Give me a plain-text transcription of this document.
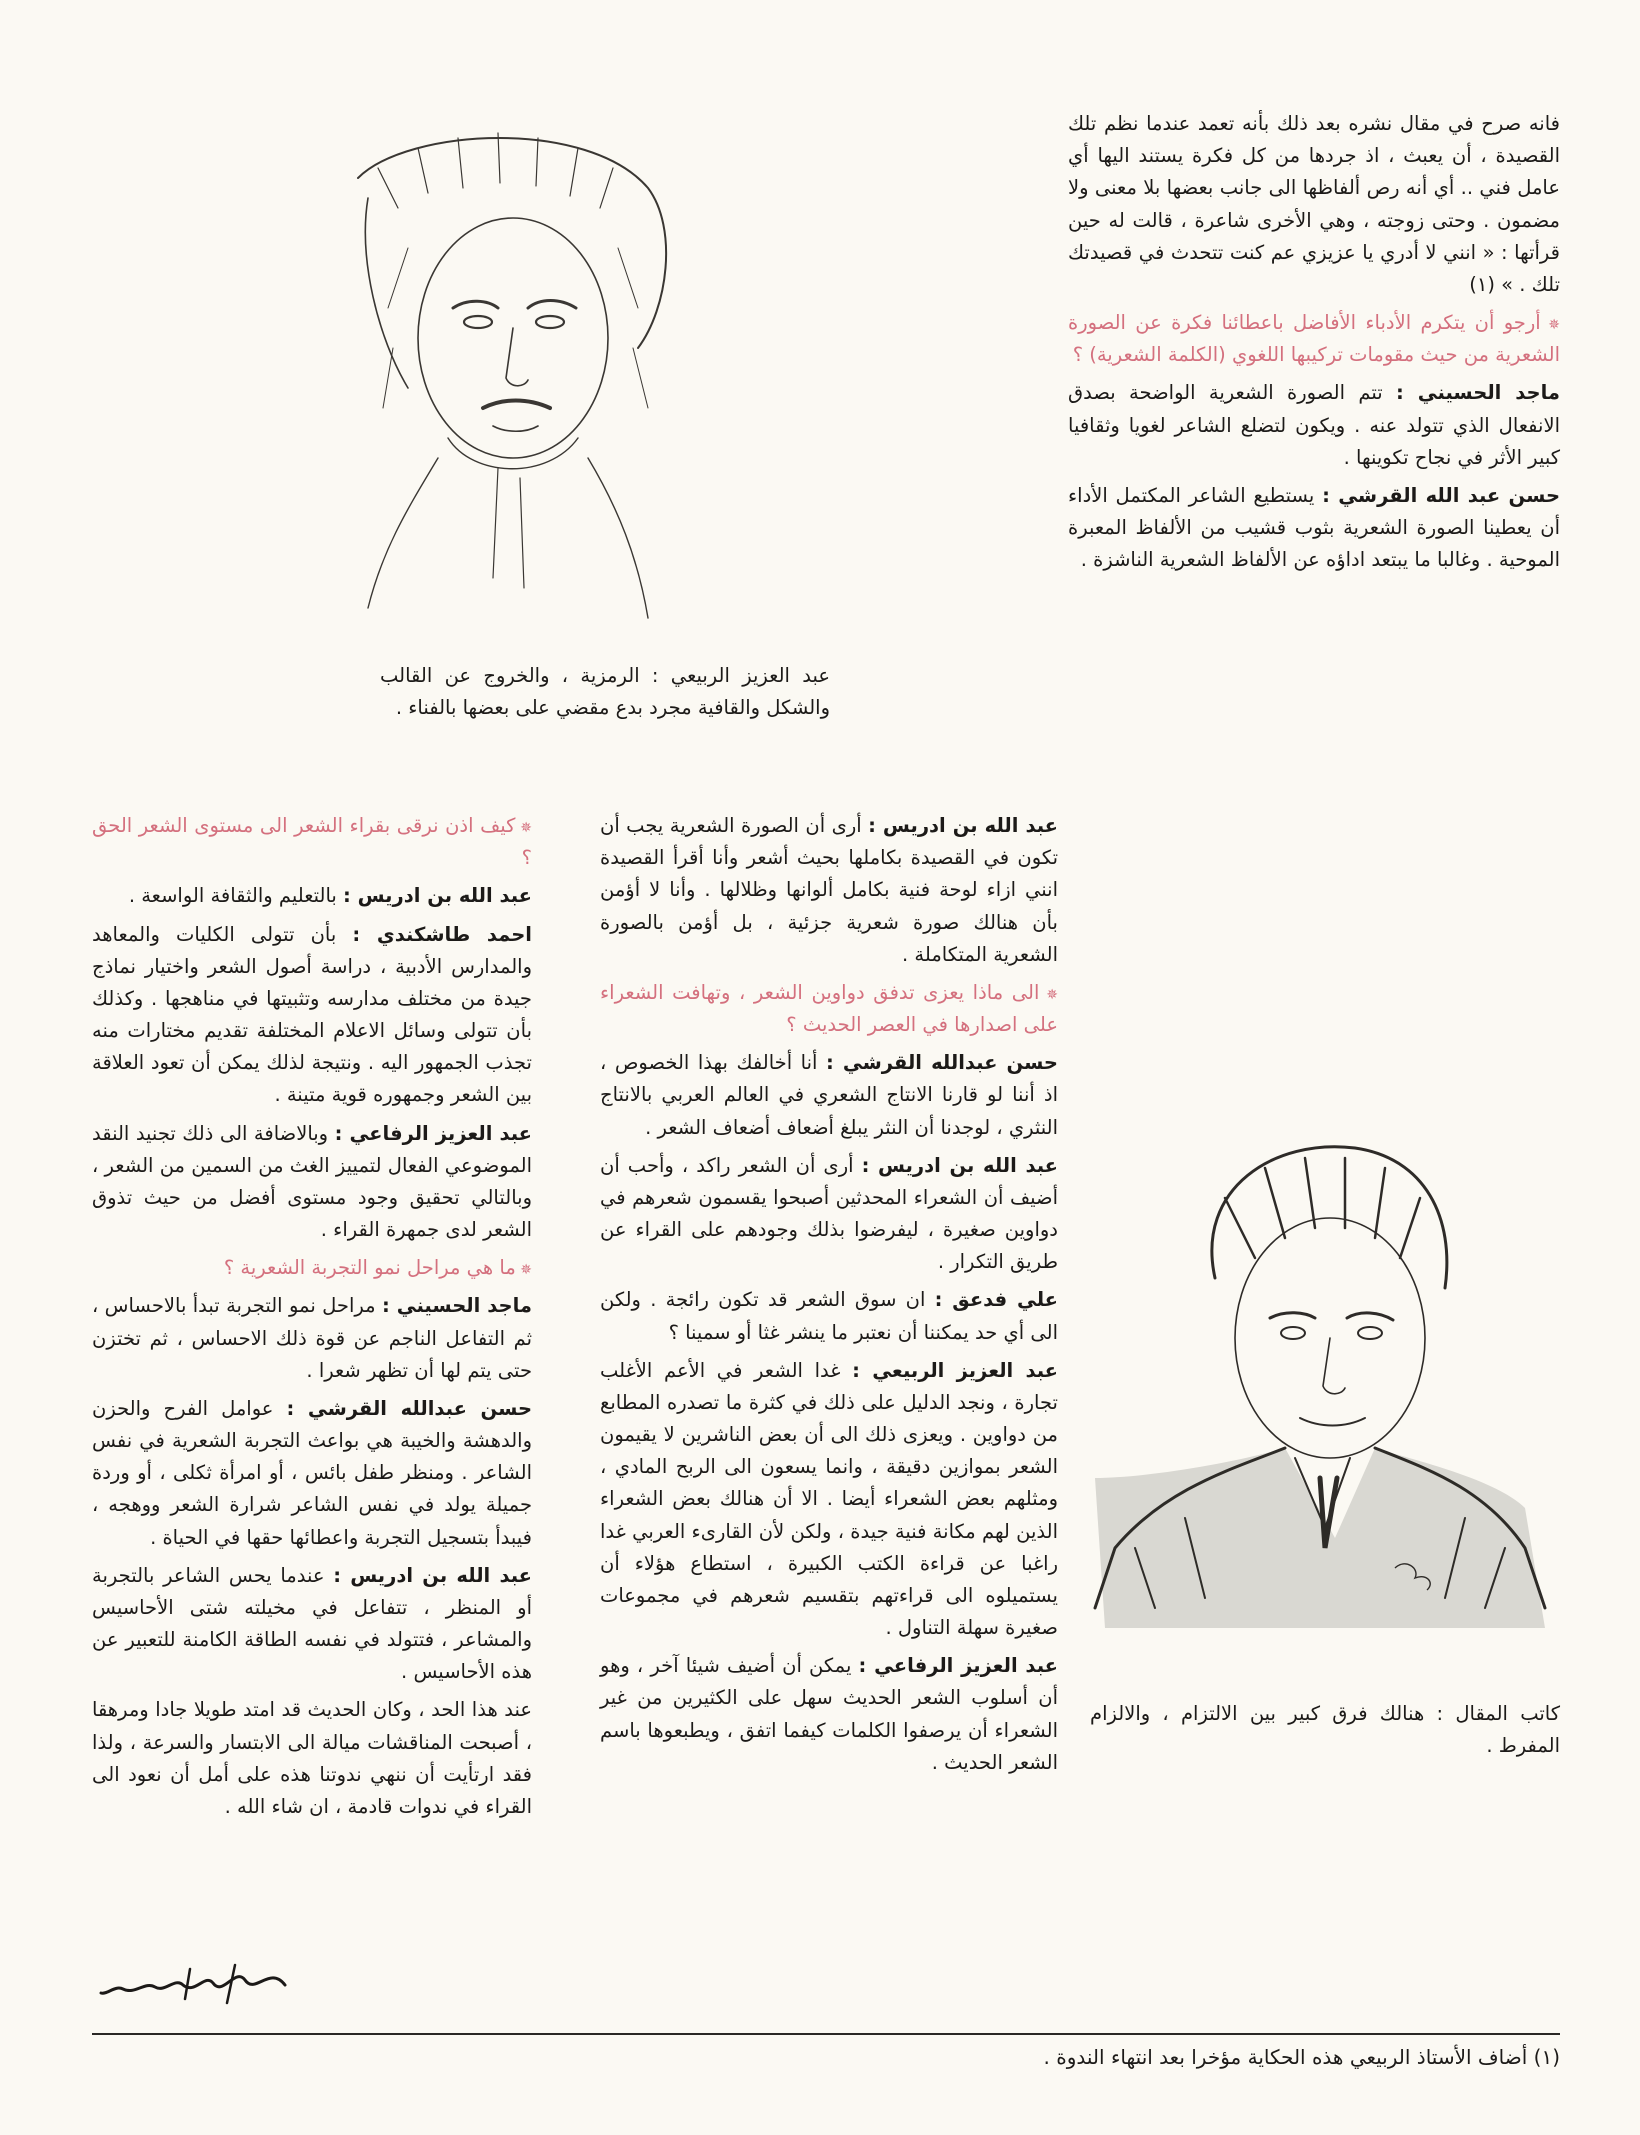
فانه صرح في مقال نشره بعد ذلك بأنه تعمد عندما نظم تلك القصيدة ، أن يعبث ، اذ جردها من كل فكرة يستند اليها أي عامل فني .. أي أنه رص ألفاظها الى جانب بعضها بلا معنى ولا مضمون . وحتى زوجته ، وهي الأخرى شاعرة ، قالت له حين قرأتها : « انني لا أدري يا عزيزي عم كنت تتحدث في قصيدتك تلك . » (١)

✵ أرجو أن يتكرم الأدباء الأفاضل باعطائنا فكرة عن الصورة الشعرية من حيث مقومات تركيبها اللغوي (الكلمة الشعرية) ؟

ماجد الحسيني : تتم الصورة الشعرية الواضحة بصدق الانفعال الذي تتولد عنه . ويكون لتضلع الشاعر لغويا وثقافيا كبير الأثر في نجاح تكوينها .

حسن عبد الله القرشي : يستطيع الشاعر المكتمل الأداء أن يعطينا الصورة الشعرية بثوب قشيب من الألفاظ المعبرة الموحية . وغالبا ما يبتعد اداؤه عن الألفاظ الشعرية الناشزة .

عبد العزيز الربيعي : الرمزية ، والخروج عن القالب والشكل والقافية مجرد بدع مقضي على بعضها بالفناء .

عبد الله بن ادريس : أرى أن الصورة الشعرية يجب أن تكون في القصيدة بكاملها بحيث أشعر وأنا أقرأ القصيدة انني ازاء لوحة فنية بكامل ألوانها وظلالها . وأنا لا أؤمن بأن هنالك صورة شعرية جزئية ، بل أؤمن بالصورة الشعرية المتكاملة .

✵ الى ماذا يعزى تدفق دواوين الشعر ، وتهافت الشعراء على اصدارها في العصر الحديث ؟

حسن عبدالله القرشي : أنا أخالفك بهذا الخصوص ، اذ أننا لو قارنا الانتاج الشعري في العالم العربي بالانتاج النثري ، لوجدنا أن النثر يبلغ أضعاف أضعاف الشعر .

عبد الله بن ادريس : أرى أن الشعر راكد ، وأحب أن أضيف أن الشعراء المحدثين أصبحوا يقسمون شعرهم في دواوين صغيرة ، ليفرضوا بذلك وجودهم على القراء عن طريق التكرار .

علي فدعق : ان سوق الشعر قد تكون رائجة . ولكن الى أي حد يمكننا أن نعتبر ما ينشر غثا أو سمينا ؟

عبد العزيز الربيعي : غدا الشعر في الأعم الأغلب تجارة ، ونجد الدليل على ذلك في كثرة ما تصدره المطابع من دواوين . ويعزى ذلك الى أن بعض الناشرين لا يقيمون الشعر بموازين دقيقة ، وانما يسعون الى الربح المادي ، ومثلهم بعض الشعراء أيضا . الا أن هنالك بعض الشعراء الذين لهم مكانة فنية جيدة ، ولكن لأن القارىء العربي غدا راغبا عن قراءة الكتب الكبيرة ، استطاع هؤلاء أن يستميلوه الى قراءتهم بتقسيم شعرهم في مجموعات صغيرة سهلة التناول .

عبد العزيز الرفاعي : يمكن أن أضيف شيئا آخر ، وهو أن أسلوب الشعر الحديث سهل على الكثيرين من غير الشعراء أن يرصفوا الكلمات كيفما اتفق ، ويطبعوها باسم الشعر الحديث .

✵ كيف اذن نرقى بقراء الشعر الى مستوى الشعر الحق ؟

عبد الله بن ادريس : بالتعليم والثقافة الواسعة .

احمد طاشكندي : بأن تتولى الكليات والمعاهد والمدارس الأدبية ، دراسة أصول الشعر واختيار نماذج جيدة من مختلف مدارسه وتثبيتها في مناهجها . وكذلك بأن تتولى وسائل الاعلام المختلفة تقديم مختارات منه تجذب الجمهور اليه . ونتيجة لذلك يمكن أن تعود العلاقة بين الشعر وجمهوره قوية متينة .

عبد العزيز الرفاعي : وبالاضافة الى ذلك تجنيد النقد الموضوعي الفعال لتمييز الغث من السمين من الشعر ، وبالتالي تحقيق وجود مستوى أفضل من حيث تذوق الشعر لدى جمهرة القراء .

✵ ما هي مراحل نمو التجربة الشعرية ؟

ماجد الحسيني : مراحل نمو التجربة تبدأ بالاحساس ، ثم التفاعل الناجم عن قوة ذلك الاحساس ، ثم تختزن حتى يتم لها أن تظهر شعرا .

حسن عبدالله القرشي : عوامل الفرح والحزن والدهشة والخيبة هي بواعث التجربة الشعرية في نفس الشاعر . ومنظر طفل بائس ، أو امرأة ثكلى ، أو وردة جميلة يولد في نفس الشاعر شرارة الشعر ووهجه ، فيبدأ بتسجيل التجربة واعطائها حقها في الحياة .

عبد الله بن ادريس : عندما يحس الشاعر بالتجربة أو المنظر ، تتفاعل في مخيلته شتى الأحاسيس والمشاعر ، فتتولد في نفسه الطاقة الكامنة للتعبير عن هذه الأحاسيس .

عند هذا الحد ، وكان الحديث قد امتد طويلا جادا ومرهقا ، أصبحت المناقشات ميالة الى الابتسار والسرعة ، ولذا فقد ارتأيت أن ننهي ندوتنا هذه على أمل أن نعود الى القراء في ندوات قادمة ، ان شاء الله .

كاتب المقال : هنالك فرق كبير بين الالتزام ، والالزام المفرط .

(١) أضاف الأستاذ الربيعي هذه الحكاية مؤخرا بعد انتهاء الندوة .
